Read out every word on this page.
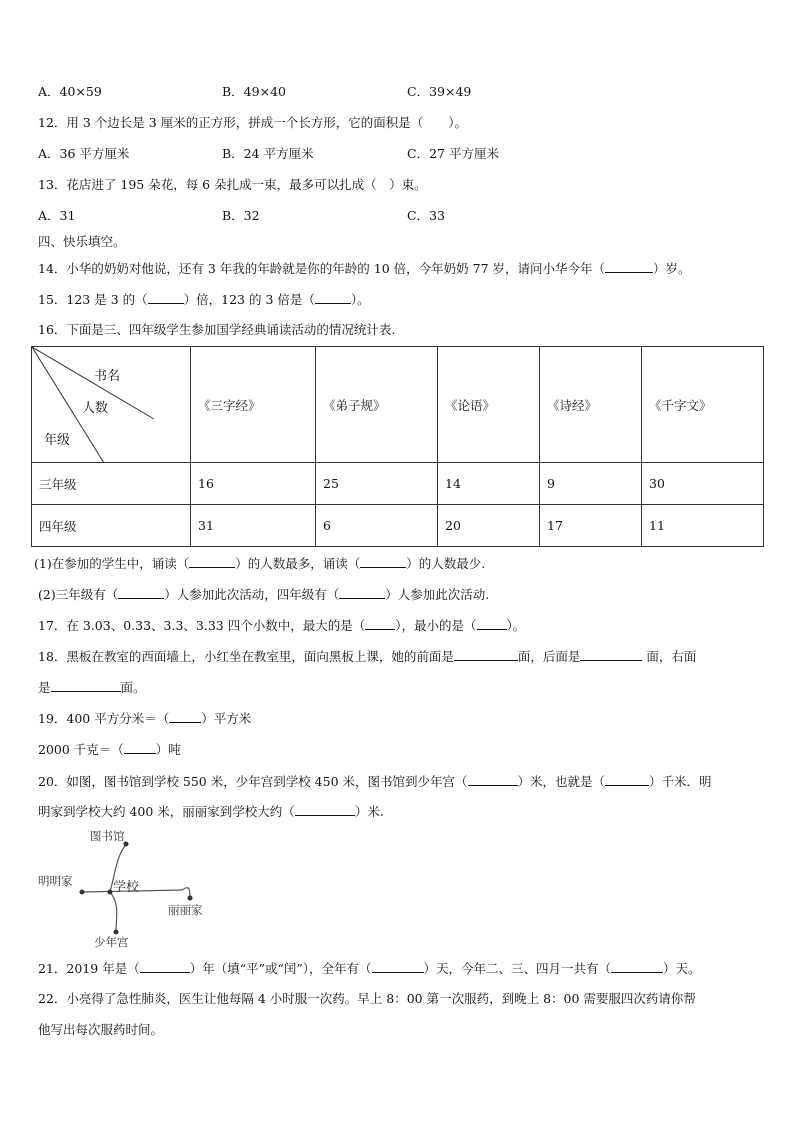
A．40×59	B．49×40	C．39×49
12．用 3 个边长是 3 厘米的正方形，拼成一个长方形，它的面积是（　　）。
A．36 平方厘米	B．24 平方厘米	C．27 平方厘米
13．花店进了 195 朵花，每 6 朵扎成一束，最多可以扎成（　）束。
A．31	B．32	C．33
四、快乐填空。
14．小华的奶奶对他说，还有 3 年我的年龄就是你的年龄的 10 倍，今年奶奶 77 岁，请问小华今年（	）岁。
15．123 是 3 的（	）倍，123 的 3 倍是（	）。
16．下面是三、四年级学生参加国学经典诵读活动的情况统计表.
书名
人数
年级	《三字经》	《弟子规》	《论语》	《诗经》	《千字文》
三年级	16	25	14	9	30
四年级	31	6	20	17	11
(1)在参加的学生中，诵读（	）的人数最多，诵读（	）的人数最少.
(2)三年级有（	）人参加此次活动，四年级有（	）人参加此次活动.
17．在 3.03、0.33、3.3、3.33 四个小数中，最大的是（ ），最小的是（ ）。
18．黑板在教室的西面墙上，小红坐在教室里，面向黑板上课，她的前面是	面，后面是	面，右面
是	面。
19．400 平方分米＝（	）平方米
2000 千克＝（	）吨
20．如图，图书馆到学校 550 米，少年宫到学校 450 米，图书馆到少年宫（	）米，也就是（	）千米．明
明家到学校大约 400 米，丽丽家到学校大约（	）米.
图书馆
学校
明明家
丽丽家
少年宫
21．2019 年是（	）年（填“平”或“闰”），全年有（	）天，今年二、三、四月一共有（	）天。
22．小亮得了急性肺炎，医生让他每隔 4 小时服一次药。早上 8：00 第一次服药，到晚上 8：00 需要服四次药请你帮
他写出每次服药时间。
